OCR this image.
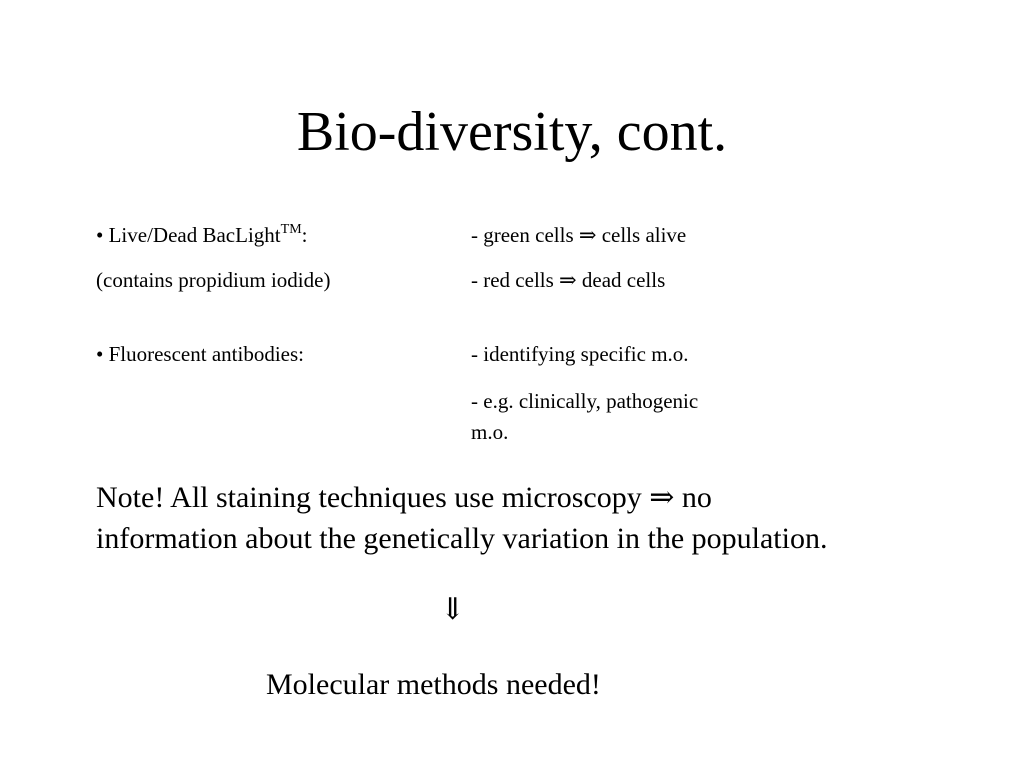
Bio-diversity, cont.
• Live/Dead BacLight™:
(contains propidium iodide)
- green cells ⇒ cells alive
- red cells ⇒ dead cells
• Fluorescent antibodies:	- identifying specific m.o.
- e.g. clinically, pathogenic
m.o.
Note! All staining techniques use microscopy ⇒ no
information about the genetically variation in the population.
⇓
Molecular methods needed!
